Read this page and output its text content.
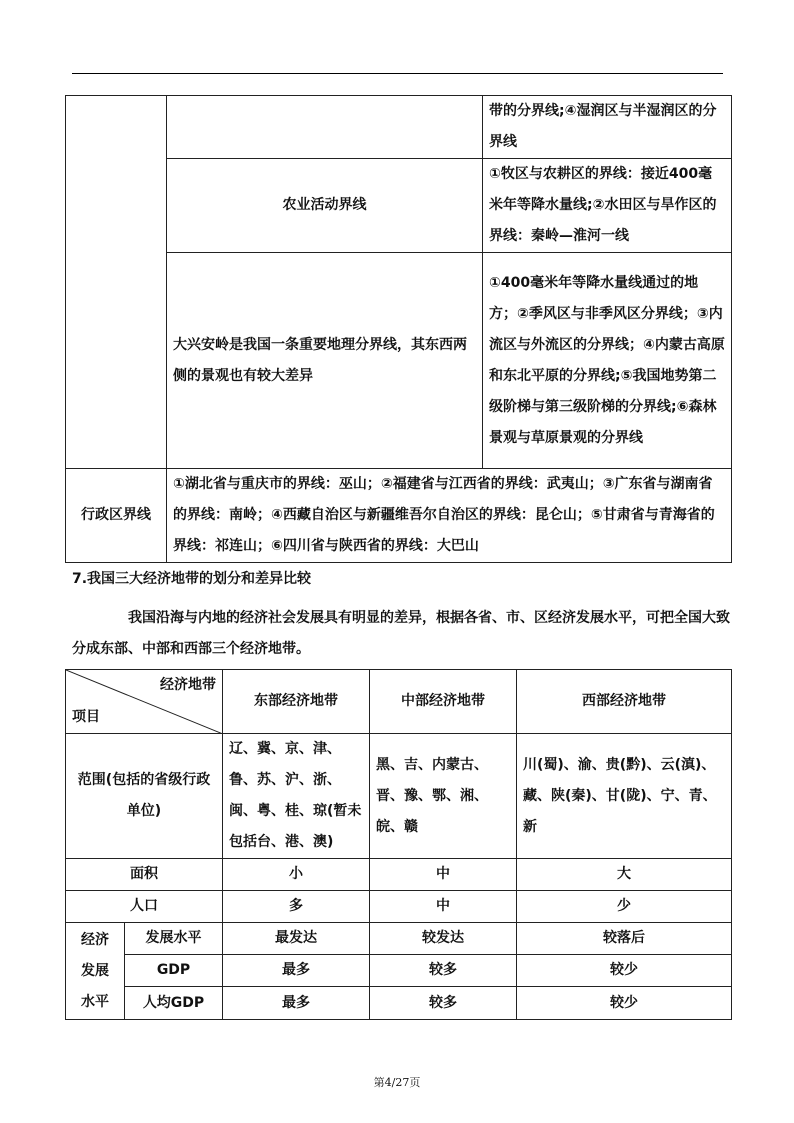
		带的分界线;④湿润区与半湿润区的分界线
	农业活动界线	①牧区与农耕区的界线：接近400毫米年等降水量线;②水田区与旱作区的界线：秦岭—淮河一线
	大兴安岭是我国一条重要地理分界线，其东西两侧的景观也有较大差异	①400毫米年等降水量线通过的地方；②季风区与非季风区分界线；③内流区与外流区的分界线；④内蒙古高原和东北平原的分界线;⑤我国地势第二级阶梯与第三级阶梯的分界线;⑥森林景观与草原景观的分界线
行政区界线	①湖北省与重庆市的界线：巫山；②福建省与江西省的界线：武夷山；③广东省与湖南省的界线：南岭；④西藏自治区与新疆维吾尔自治区的界线：昆仑山；⑤甘肃省与青海省的界线：祁连山；⑥四川省与陕西省的界线：大巴山	
7.我国三大经济地带的划分和差异比较
我国沿海与内地的经济社会发展具有明显的差异，根据各省、市、区经济发展水平，可把全国大致分成东部、中部和西部三个经济地带。
经济地带
项目		东部经济地带	中部经济地带	西部经济地带
范围(包括的省级行政单位)		辽、冀、京、津、鲁、苏、沪、浙、闽、粤、桂、琼(暂未包括台、港、澳)	黑、吉、内蒙古、晋、豫、鄂、湘、皖、赣	川(蜀)、渝、贵(黔)、云(滇)、藏、陕(秦)、甘(陇)、宁、青、新
面积		小	中	大
人口		多	中	少
经济发展水平	发展水平	最发达	较发达	较落后
	GDP	最多	较多	较少
	人均GDP	最多	较多	较少
第4/27页
